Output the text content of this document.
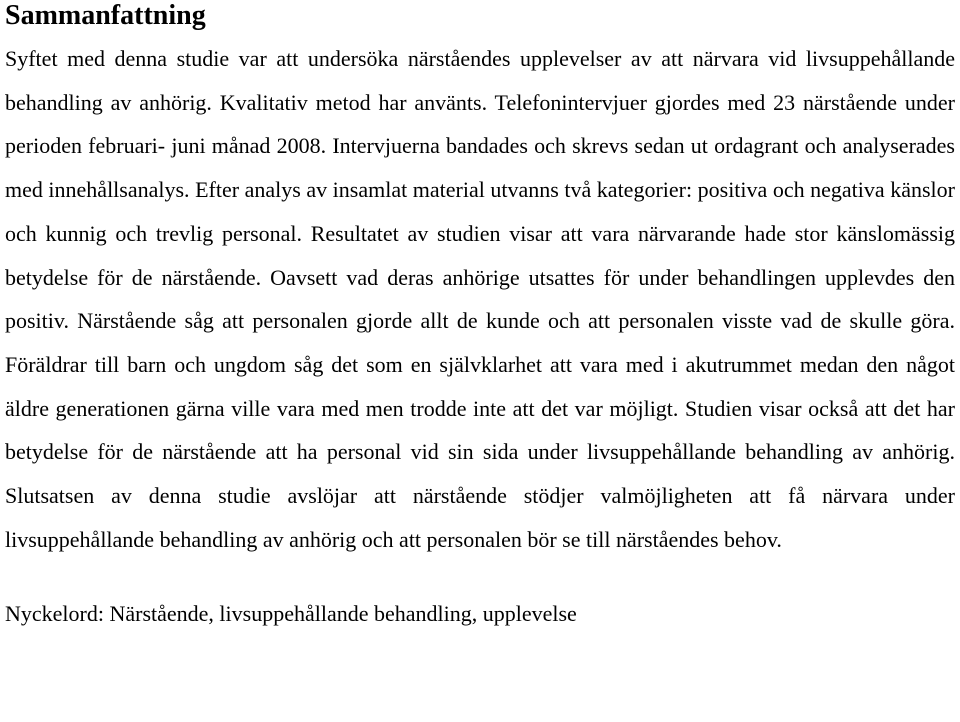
Sammanfattning

Syftet med denna studie var att undersöka närståendes upplevelser av att närvara vid livsuppehållande behandling av anhörig. Kvalitativ metod har använts. Telefonintervjuer gjordes med 23 närstående under perioden februari- juni månad 2008. Intervjuerna bandades och skrevs sedan ut ordagrant och analyserades med innehållsanalys. Efter analys av insamlat material utvanns två kategorier: positiva och negativa känslor och kunnig och trevlig personal. Resultatet av studien visar att vara närvarande hade stor känslomässig betydelse för de närstående. Oavsett vad deras anhörige utsattes för under behandlingen upplevdes den positiv. Närstående såg att personalen gjorde allt de kunde och att personalen visste vad de skulle göra. Föräldrar till barn och ungdom såg det som en självklarhet att vara med i akutrummet medan den något äldre generationen gärna ville vara med men trodde inte att det var möjligt. Studien visar också att det har betydelse för de närstående att ha personal vid sin sida under livsuppehållande behandling av anhörig. Slutsatsen av denna studie avslöjar att närstående stödjer valmöjligheten att få närvara under livsuppehållande behandling av anhörig och att personalen bör se till närståendes behov.

Nyckelord: Närstående, livsuppehållande behandling, upplevelse
